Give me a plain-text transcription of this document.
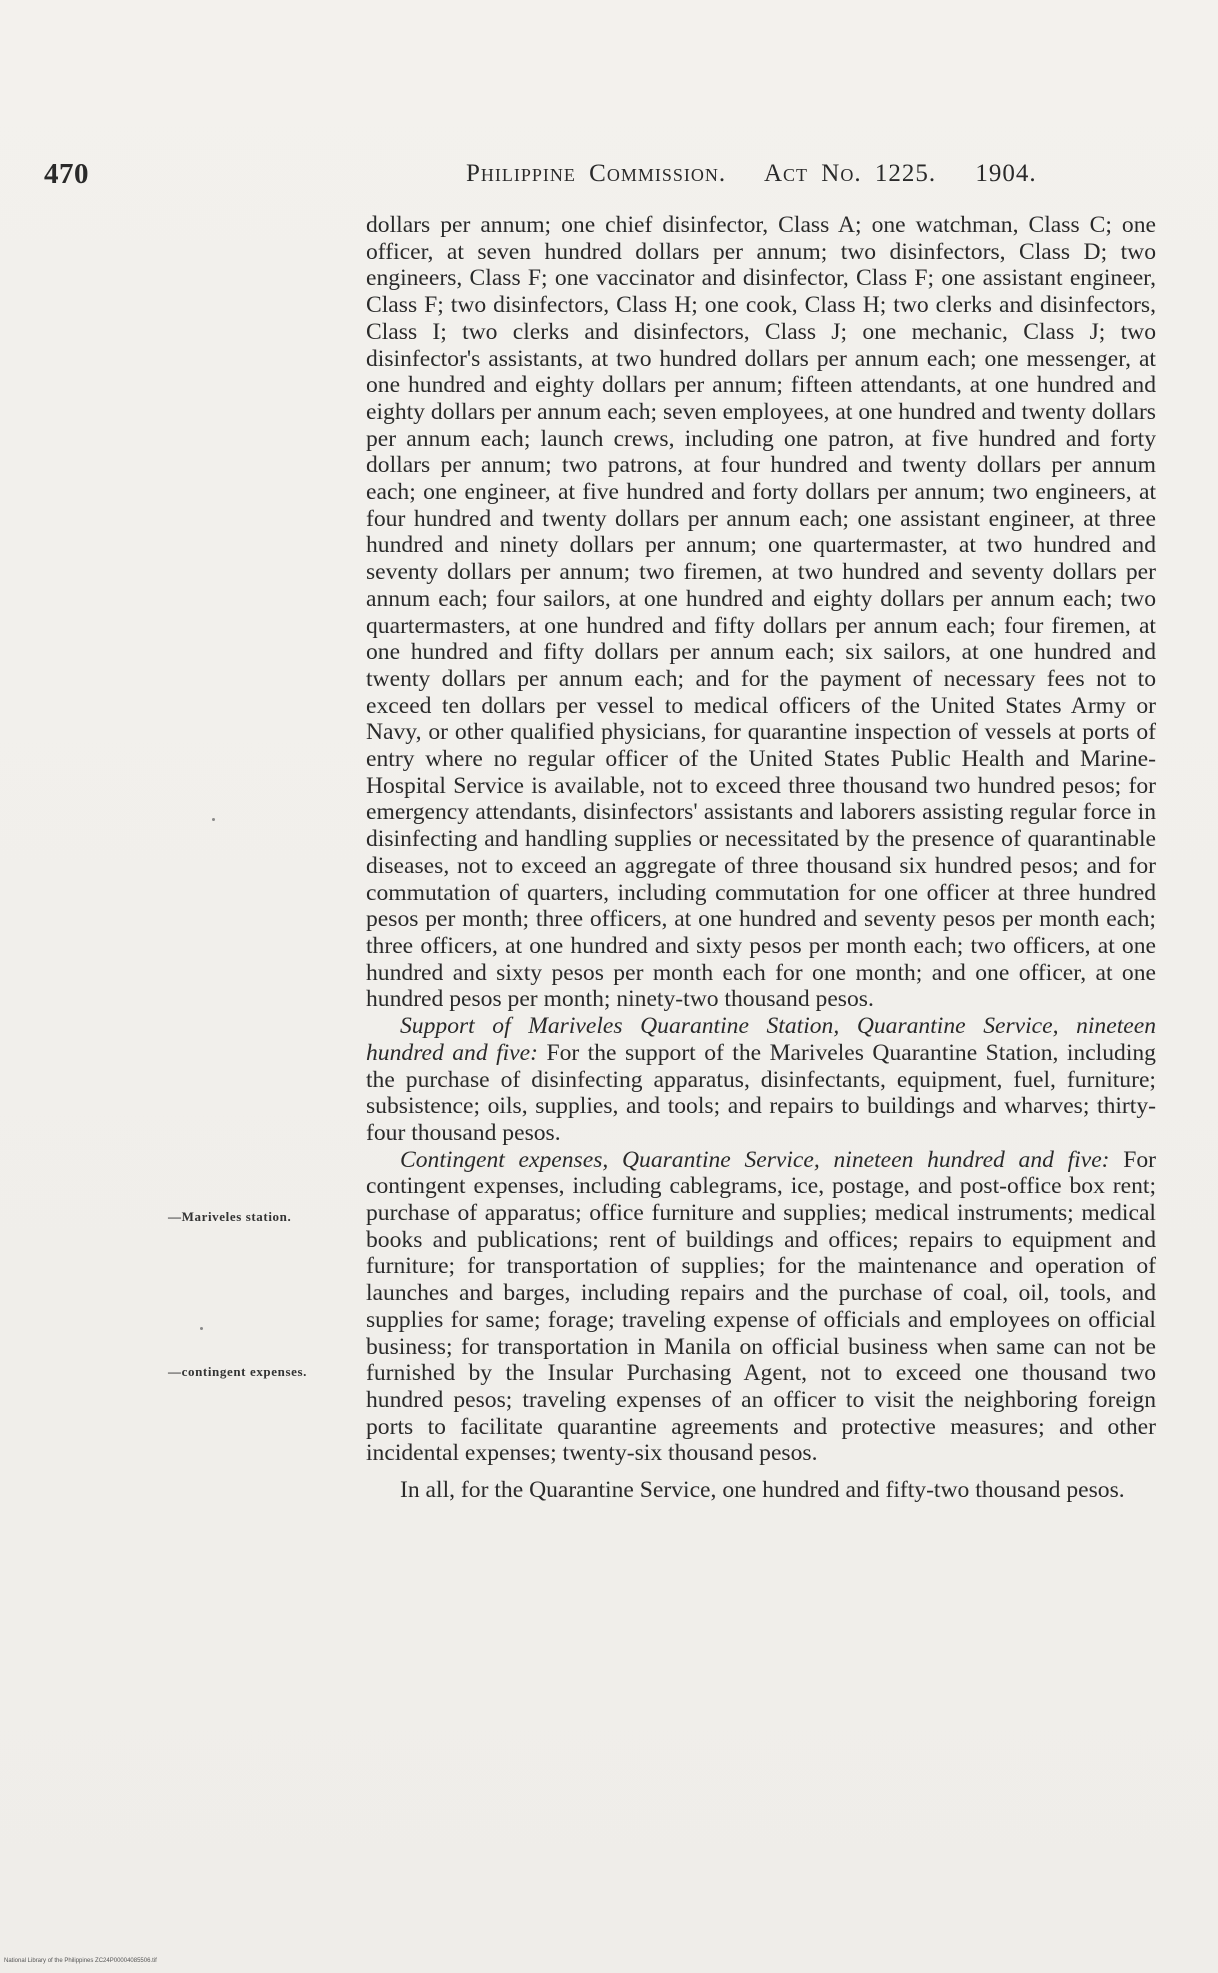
470	Philippine Commission. Act No. 1225. 1904.
—Mariveles station.
—contingent expenses.

dollars per annum; one chief disinfector, Class A; one watchman, Class C; one officer, at seven hundred dollars per annum; two disinfectors, Class D; two engineers, Class F; one vaccinator and disinfector, Class F; one assistant engineer, Class F; two disinfectors, Class H; one cook, Class H; two clerks and disinfectors, Class I; two clerks and disinfectors, Class J; one mechanic, Class J; two disinfector's assistants, at two hundred dollars per annum each; one messenger, at one hundred and eighty dollars per annum; fifteen attendants, at one hundred and eighty dollars per annum each; seven employees, at one hundred and twenty dollars per annum each; launch crews, including one patron, at five hundred and forty dollars per annum; two patrons, at four hundred and twenty dollars per annum each; one engineer, at five hundred and forty dollars per annum; two engineers, at four hundred and twenty dollars per annum each; one assistant engineer, at three hundred and ninety dollars per annum; one quartermaster, at two hundred and seventy dollars per annum; two firemen, at two hundred and seventy dollars per annum each; four sailors, at one hundred and eighty dollars per annum each; two quartermasters, at one hundred and fifty dollars per annum each; four firemen, at one hundred and fifty dollars per annum each; six sailors, at one hundred and twenty dollars per annum each; and for the payment of necessary fees not to exceed ten dollars per vessel to medical officers of the United States Army or Navy, or other qualified physicians, for quarantine inspection of vessels at ports of entry where no regular officer of the United States Public Health and Marine-Hospital Service is available, not to exceed three thousand two hundred pesos; for emergency attendants, disinfectors' assistants and laborers assisting regular force in disinfecting and handling supplies or necessitated by the presence of quarantinable diseases, not to exceed an aggregate of three thousand six hundred pesos; and for commutation of quarters, including commutation for one officer at three hundred pesos per month; three officers, at one hundred and seventy pesos per month each; three officers, at one hundred and sixty pesos per month each; two officers, at one hundred and sixty pesos per month each for one month; and one officer, at one hundred pesos per month; ninety-two thousand pesos.

Support of Mariveles Quarantine Station, Quarantine Service, nineteen hundred and five: For the support of the Mariveles Quarantine Station, including the purchase of disinfecting apparatus, disinfectants, equipment, fuel, furniture; subsistence; oils, supplies, and tools; and repairs to buildings and wharves; thirty-four thousand pesos.

Contingent expenses, Quarantine Service, nineteen hundred and five: For contingent expenses, including cablegrams, ice, postage, and post-office box rent; purchase of apparatus; office furniture and supplies; medical instruments; medical books and publications; rent of buildings and offices; repairs to equipment and furniture; for transportation of supplies; for the maintenance and operation of launches and barges, including repairs and the purchase of coal, oil, tools, and supplies for same; forage; traveling expense of officials and employees on official business; for transportation in Manila on official business when same can not be furnished by the Insular Purchasing Agent, not to exceed one thousand two hundred pesos; traveling expenses of an officer to visit the neighboring foreign ports to facilitate quarantine agreements and protective measures; and other incidental expenses; twenty-six thousand pesos.

In all, for the Quarantine Service, one hundred and fifty-two thousand pesos.

National Library of the Philippines ZC24P00004085506.tif
